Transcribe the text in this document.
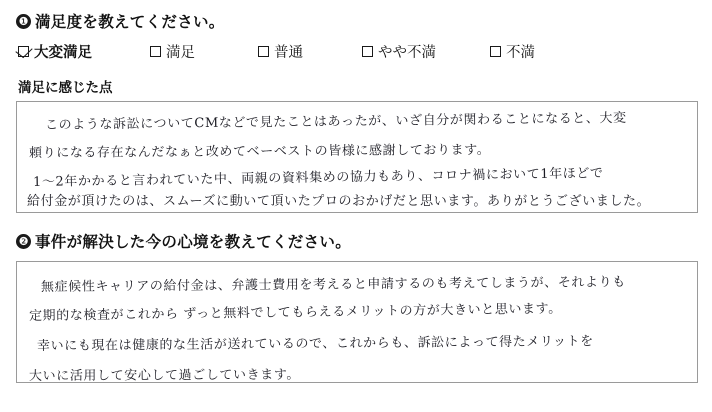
❶ 満足度を教えてください。
大変満足	満足	普通	やや不満	不満
満足に感じた点
このような訴訟についてCMなどで見たことはあったが、いざ自分が関わることになると、大変
頼りになる存在なんだなぁと改めてベーベストの皆様に感謝しております。
1～2年かかると言われていた中、両親の資料集めの協力もあり、コロナ禍において1年ほどで
給付金が頂けたのは、スムーズに動いて頂いたプロのおかげだと思います。ありがとうございました。
❷ 事件が解決した今の心境を教えてください。
無症候性キャリアの給付金は、弁護士費用を考えると申請するのも考えてしまうが、それよりも
定期的な検査がこれから ずっと無料でしてもらえるメリットの方が大きいと思います。
幸いにも現在は健康的な生活が送れているので、これからも、訴訟によって得たメリットを
大いに活用して安心して過ごしていきます。
